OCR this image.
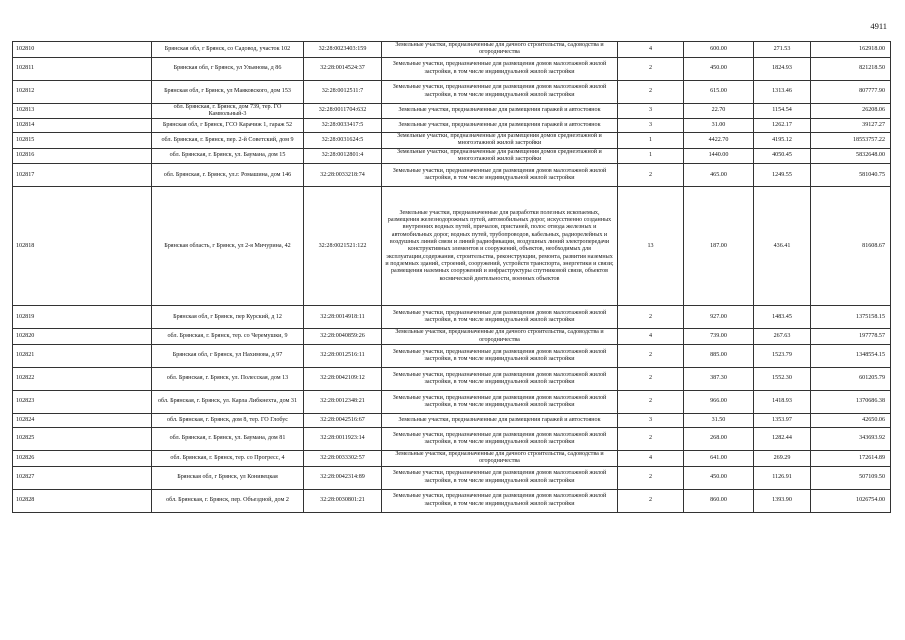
4911
102810	Брянская обл, г Брянск, со Садовод, участок 102	32:28:0023403:159	Земельные участки, предназначенные для дачного строительства, садоводства и огородничества	4	600.00	271.53	162918.00
102811	Брянская обл, г Брянск, ул Ульянова, д 86	32:28:0014524:37	Земельные участки, предназначенные для размещения домов малоэтажной жилой застройки, в том числе индивидуальной жилой застройки	2	450.00	1824.93	821218.50
102812	Брянская обл, г Брянск, ул Маяковского, дом 153	32:28:0012511:7	Земельные участки, предназначенные для размещения домов малоэтажной жилой застройки, в том числе индивидуальной жилой застройки	2	615.00	1313.46	807777.90
102813	обл. Брянская, г. Брянск, дом 739, тер. ГО Камвольный-3	32:28:0011704:632	Земельные участки, предназначенные для размещения гаражей и автостоянок	3	22.70	1154.54	26208.06
102814	Брянская обл, г Брянск, ГСО Карачиж 1, гараж 52	32:28:0033417:5	Земельные участки, предназначенные для размещения гаражей и автостоянок	3	31.00	1262.17	39127.27
102815	обл. Брянская, г. Брянск, пер. 2-й Советский, дом 9	32:28:0031624:5	Земельные участки, предназначенные для размещения домов среднеэтажной и многоэтажной жилой застройки	1	4422.70	4195.12	18553757.22
102816	обл. Брянская, г. Брянск, ул. Баумана, дом 15	32:28:0012801:4	Земельные участки, предназначенные для размещения домов среднеэтажной и многоэтажной жилой застройки	1	1440.00	4050.45	5832648.00
102817	обл. Брянская, г. Брянск, ул.г. Ромашина, дом 146	32:28:0033218:74	Земельные участки, предназначенные для размещения домов малоэтажной жилой застройки, в том числе индивидуальной жилой застройки	2	465.00	1249.55	581040.75
102818	Брянская область, г Брянск, ул 2-я Мичурина, 42	32:28:0021521:122	Земельные участки, предназначенные для разработки полезных ископаемых, размещения железнодорожных путей, автомобильных дорог, искусственно созданных внутренних водных путей, причалов, пристаней, полос отвода железных и автомобильных дорог, водных путей, трубопроводов, кабельных, радиорелейных и воздушных линий связи и линий радиофикации, воздушных линий электропередачи конструктивных элементов и сооружений, объектов, необходимых для эксплуатации,содержания, строительства, реконструкции, ремонта, развития наземных и подземных зданий, строений, сооружений, устройств транспорта, энергетики и связи; размещения наземных сооружений и инфраструктуры спутниковой связи, объектов космической деятельности, военных объектов	13	187.00	436.41	81608.67
102819	Брянская обл, г Брянск, пер Курский, д 12	32:28:0014918:11	Земельные участки, предназначенные для размещения домов малоэтажной жилой застройки, в том числе индивидуальной жилой застройки	2	927.00	1483.45	1375158.15
102820	обл. Брянская, г. Брянск, тер. со Черемушки, 9	32:28:0040859:26	Земельные участки, предназначенные для дачного строительства, садоводства и огородничества	4	739.00	267.63	197778.57
102821	Брянская обл, г Брянск, ул Нахимова, д 97	32:28:0012516:11	Земельные участки, предназначенные для размещения домов малоэтажной жилой застройки, в том числе индивидуальной жилой застройки	2	885.00	1523.79	1348554.15
102822	обл. Брянская, г. Брянск, ул. Полесская, дом 13	32:28:0042109:12	Земельные участки, предназначенные для размещения домов малоэтажной жилой застройки, в том числе индивидуальной жилой застройки	2	387.30	1552.30	601205.79
102823	обл. Брянская, г. Брянск, ул. Карла Либкнехта, дом 31	32:28:0012348:21	Земельные участки, предназначенные для размещения домов малоэтажной жилой застройки, в том числе индивидуальной жилой застройки	2	966.00	1418.93	1370686.38
102824	обл. Брянская, г. Брянск, дом 8, тер. ГО Глобус	32:28:0042516:67	Земельные участки, предназначенные для размещения гаражей и автостоянок	3	31.50	1353.97	42650.06
102825	обл. Брянская, г. Брянск, ул. Баумана, дом 81	32:28:0011923:14	Земельные участки, предназначенные для размещения домов малоэтажной жилой застройки, в том числе индивидуальной жилой застройки	2	268.00	1282.44	343693.92
102826	обл. Брянская, г. Брянск, тер. со Прогресс, 4	32:28:0033302:57	Земельные участки, предназначенные для дачного строительства, садоводства и огородничества	4	641.00	269.29	172614.89
102827	Брянская обл, г Брянск, ул Конивецкая	32:28:0042314:89	Земельные участки, предназначенные для размещения домов малоэтажной жилой застройки, в том числе индивидуальной жилой застройки	2	450.00	1126.91	507109.50
102828	обл. Брянская, г. Брянск, пер. Объездной, дом 2	32:28:0030801:21	Земельные участки, предназначенные для размещения домов малоэтажной жилой застройки, в том числе индивидуальной жилой застройки	2	860.00	1393.90	1026754.00
